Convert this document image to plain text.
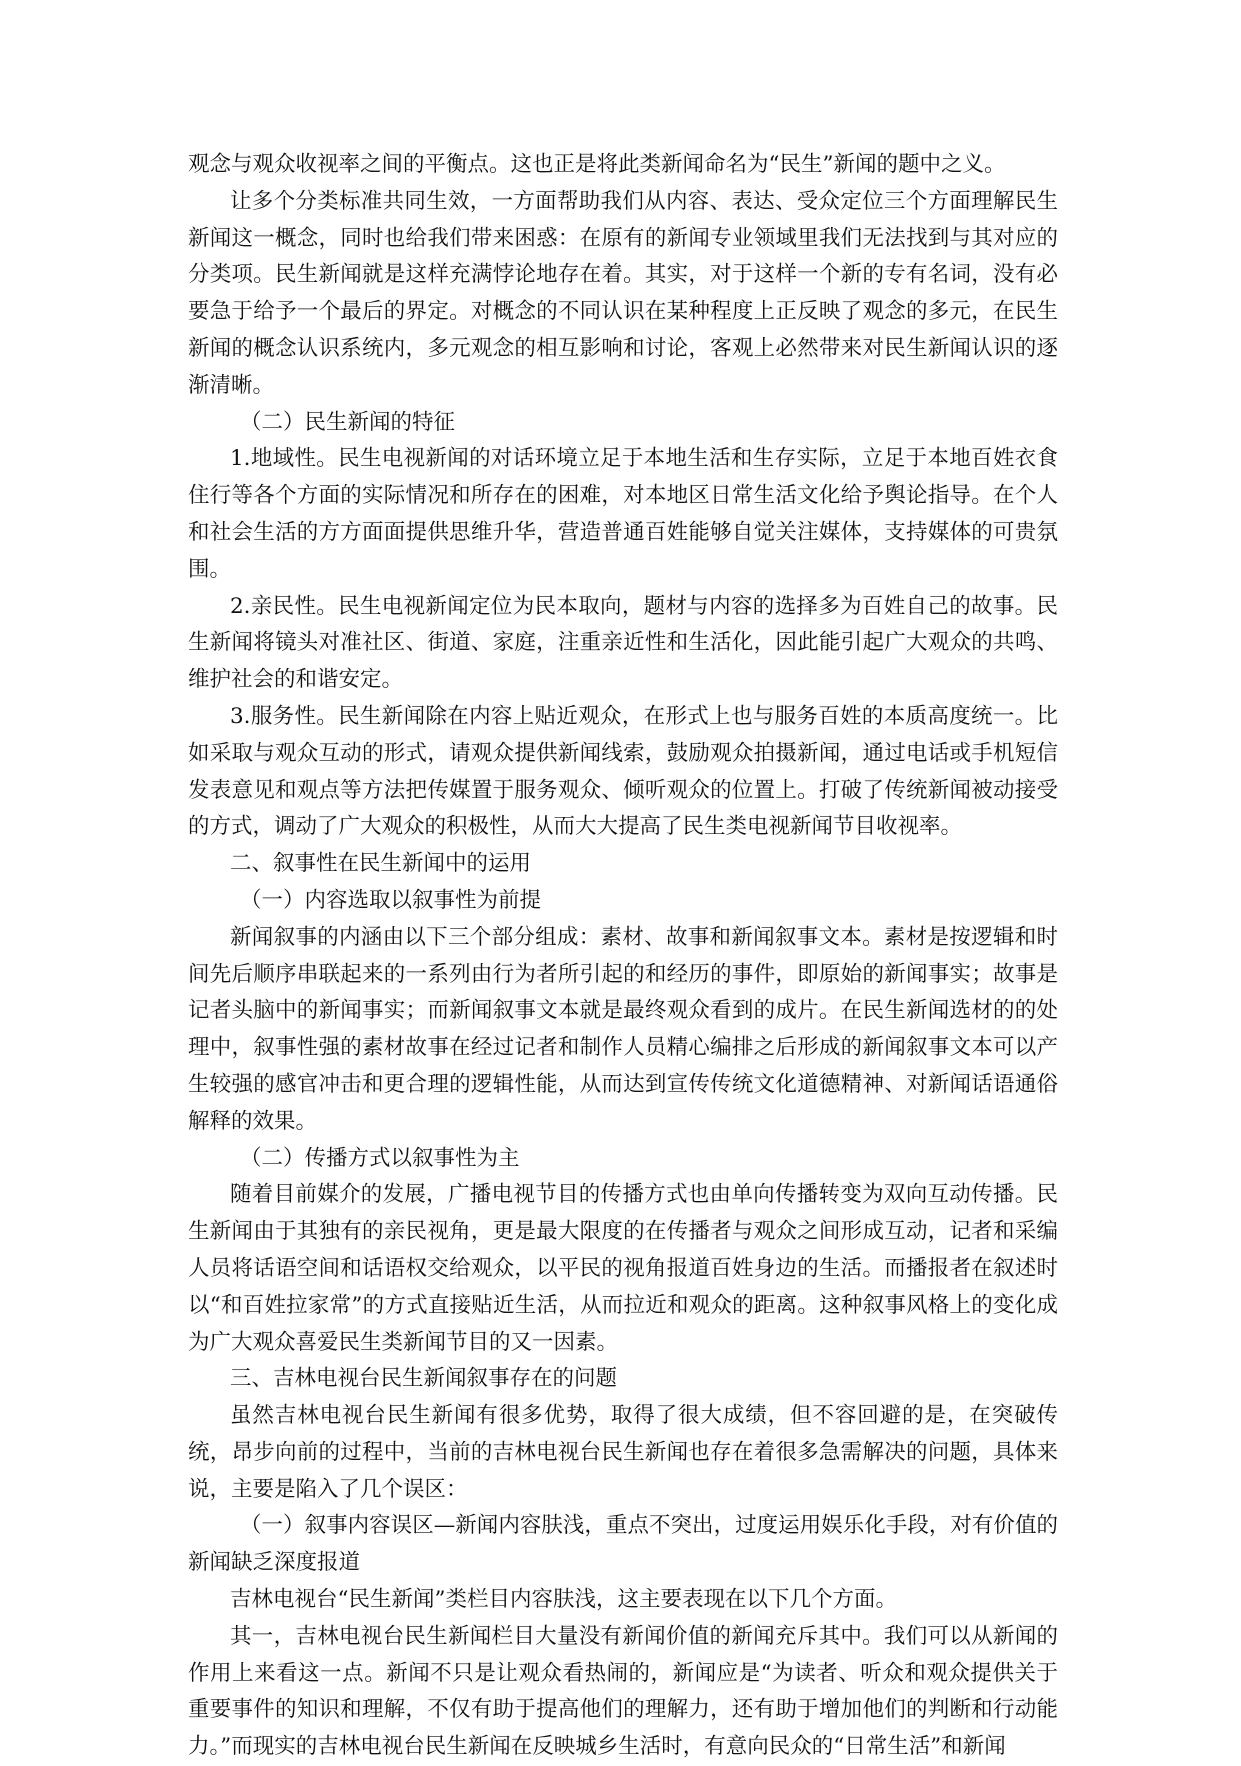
观念与观众收视率之间的平衡点。这也正是将此类新闻命名为“民生”新闻的题中之义。

让多个分类标准共同生效，一方面帮助我们从内容、表达、受众定位三个方面理解民生新闻这一概念，同时也给我们带来困惑：在原有的新闻专业领域里我们无法找到与其对应的分类项。民生新闻就是这样充满悖论地存在着。其实，对于这样一个新的专有名词，没有必要急于给予一个最后的界定。对概念的不同认识在某种程度上正反映了观念的多元，在民生新闻的概念认识系统内，多元观念的相互影响和讨论，客观上必然带来对民生新闻认识的逐渐清晰。

（二）民生新闻的特征

1.地域性。民生电视新闻的对话环境立足于本地生活和生存实际，立足于本地百姓衣食住行等各个方面的实际情况和所存在的困难，对本地区日常生活文化给予舆论指导。在个人和社会生活的方方面面提供思维升华，营造普通百姓能够自觉关注媒体，支持媒体的可贵氛围。

2.亲民性。民生电视新闻定位为民本取向，题材与内容的选择多为百姓自己的故事。民生新闻将镜头对准社区、街道、家庭，注重亲近性和生活化，因此能引起广大观众的共鸣、维护社会的和谐安定。

3.服务性。民生新闻除在内容上贴近观众，在形式上也与服务百姓的本质高度统一。比如采取与观众互动的形式，请观众提供新闻线索，鼓励观众拍摄新闻，通过电话或手机短信发表意见和观点等方法把传媒置于服务观众、倾听观众的位置上。打破了传统新闻被动接受的方式，调动了广大观众的积极性，从而大大提高了民生类电视新闻节目收视率。

二、叙事性在民生新闻中的运用

（一）内容选取以叙事性为前提

新闻叙事的内涵由以下三个部分组成：素材、故事和新闻叙事文本。素材是按逻辑和时间先后顺序串联起来的一系列由行为者所引起的和经历的事件，即原始的新闻事实；故事是记者头脑中的新闻事实；而新闻叙事文本就是最终观众看到的成片。在民生新闻选材的的处理中，叙事性强的素材故事在经过记者和制作人员精心编排之后形成的新闻叙事文本可以产生较强的感官冲击和更合理的逻辑性能，从而达到宣传传统文化道德精神、对新闻话语通俗解释的效果。

（二）传播方式以叙事性为主

随着目前媒介的发展，广播电视节目的传播方式也由单向传播转变为双向互动传播。民生新闻由于其独有的亲民视角，更是最大限度的在传播者与观众之间形成互动，记者和采编人员将话语空间和话语权交给观众，以平民的视角报道百姓身边的生活。而播报者在叙述时以“和百姓拉家常”的方式直接贴近生活，从而拉近和观众的距离。这种叙事风格上的变化成为广大观众喜爱民生类新闻节目的又一因素。

三、吉林电视台民生新闻叙事存在的问题

虽然吉林电视台民生新闻有很多优势，取得了很大成绩，但不容回避的是，在突破传统，昂步向前的过程中，当前的吉林电视台民生新闻也存在着很多急需解决的问题，具体来说，主要是陷入了几个误区：

（一）叙事内容误区—新闻内容肤浅，重点不突出，过度运用娱乐化手段，对有价值的新闻缺乏深度报道

吉林电视台“民生新闻”类栏目内容肤浅，这主要表现在以下几个方面。

其一，吉林电视台民生新闻栏目大量没有新闻价值的新闻充斥其中。我们可以从新闻的作用上来看这一点。新闻不只是让观众看热闹的，新闻应是“为读者、听众和观众提供关于重要事件的知识和理解，不仅有助于提高他们的理解力，还有助于增加他们的判断和行动能力。”而现实的吉林电视台民生新闻在反映城乡生活时，有意向民众的“日常生活”和新闻
